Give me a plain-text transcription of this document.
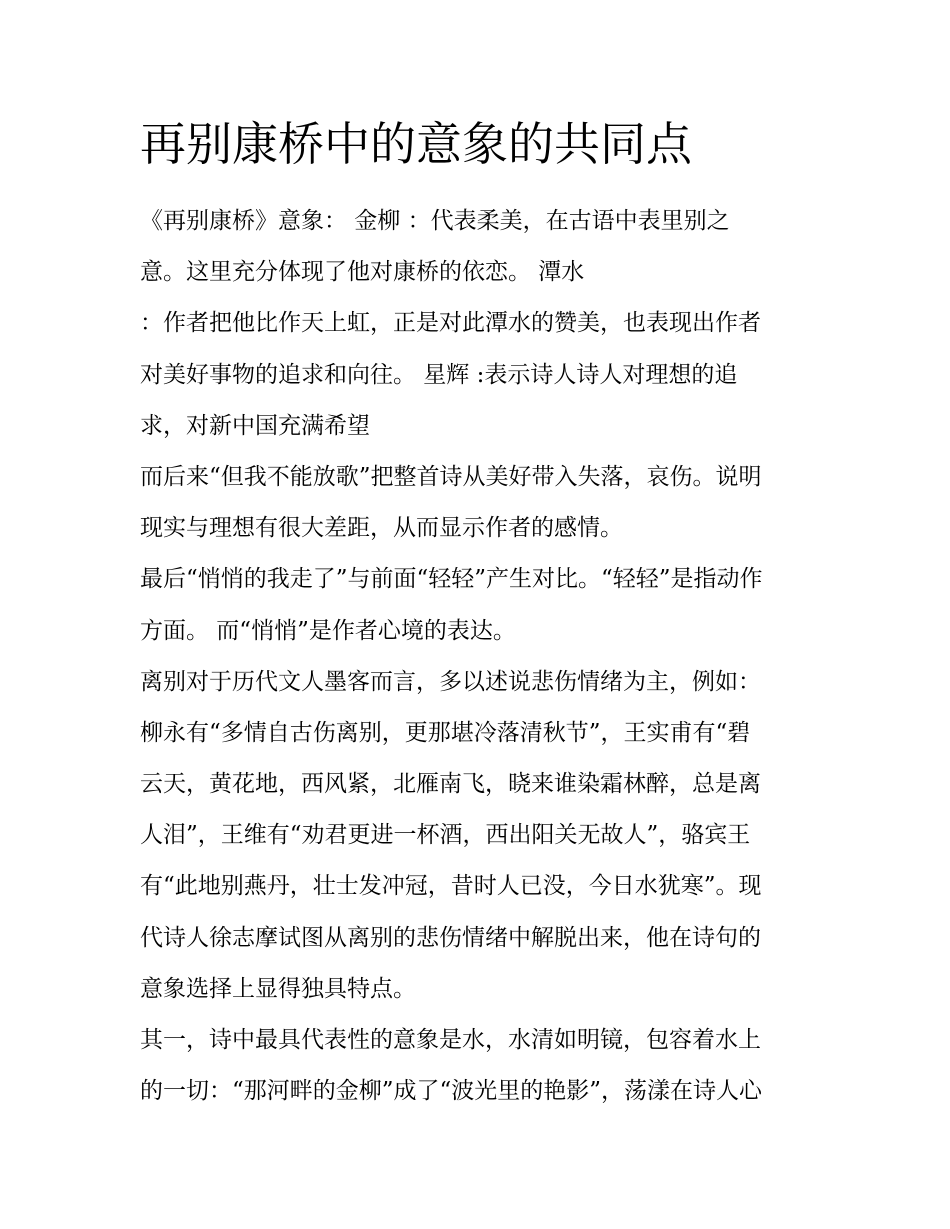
再别康桥中的意象的共同点
《再别康桥》意象： 金柳 ：代表柔美，在古语中表里别之
意。这里充分体现了他对康桥的依恋。 潭水
：作者把他比作天上虹，正是对此潭水的赞美，也表现出作者
对美好事物的追求和向往。 星辉 :表示诗人诗人对理想的追
求，对新中国充满希望
而后来“但我不能放歌”把整首诗从美好带入失落，哀伤。说明
现实与理想有很大差距，从而显示作者的感情。
最后“悄悄的我走了”与前面“轻轻”产生对比。“轻轻”是指动作
方面。 而“悄悄”是作者心境的表达。
离别对于历代文人墨客而言，多以述说悲伤情绪为主，例如：
柳永有“多情自古伤离别，更那堪冷落清秋节”，王实甫有“碧
云天，黄花地，西风紧，北雁南飞，晓来谁染霜林醉，总是离
人泪”，王维有“劝君更进一杯酒，西出阳关无故人”，骆宾王
有“此地别燕丹，壮士发冲冠，昔时人已没，今日水犹寒”。现
代诗人徐志摩试图从离别的悲伤情绪中解脱出来，他在诗句的
意象选择上显得独具特点。
其一，诗中最具代表性的意象是水，水清如明镜，包容着水上
的一切：“那河畔的金柳”成了“波光里的艳影”，荡漾在诗人心
